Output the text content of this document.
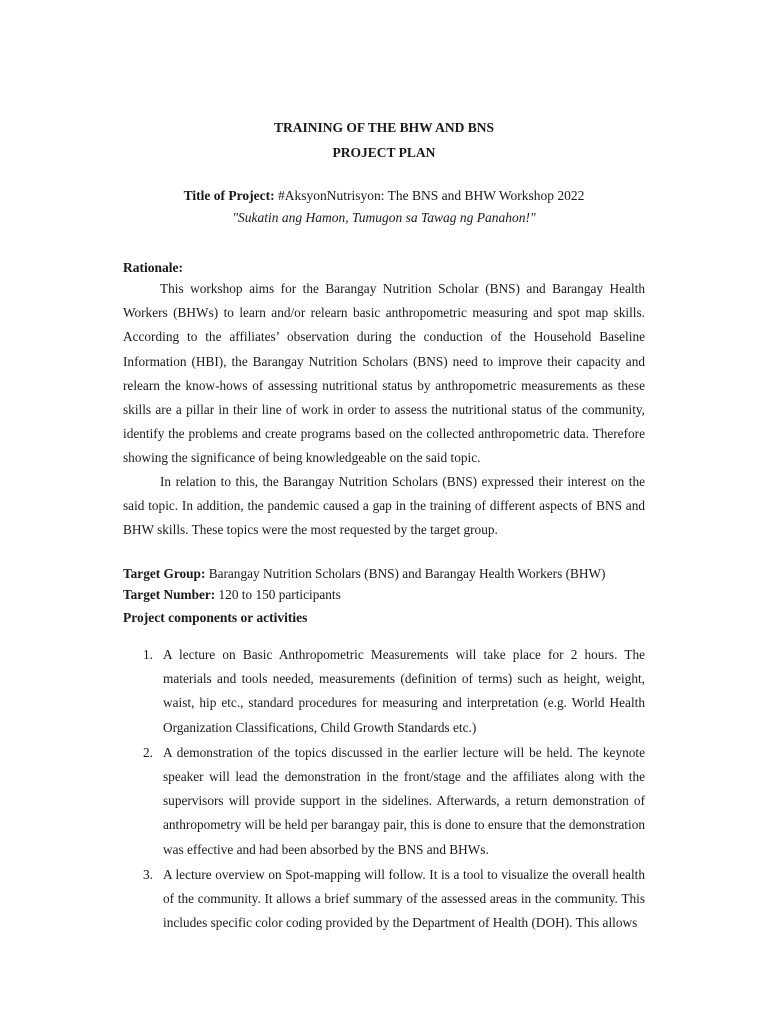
TRAINING OF THE BHW AND BNS
PROJECT PLAN
Title of Project: #AksyonNutrisyon: The BNS and BHW Workshop 2022
"Sukatin ang Hamon, Tumugon sa Tawag ng Panahon!"
Rationale:

This workshop aims for the Barangay Nutrition Scholar (BNS) and Barangay Health Workers (BHWs) to learn and/or relearn basic anthropometric measuring and spot map skills. According to the affiliates’ observation during the conduction of the Household Baseline Information (HBI), the Barangay Nutrition Scholars (BNS) need to improve their capacity and relearn the know-hows of assessing nutritional status by anthropometric measurements as these skills are a pillar in their line of work in order to assess the nutritional status of the community, identify the problems and create programs based on the collected anthropometric data. Therefore showing the significance of being knowledgeable on the said topic.

In relation to this, the Barangay Nutrition Scholars (BNS) expressed their interest on the said topic. In addition, the pandemic caused a gap in the training of different aspects of BNS and BHW skills. These topics were the most requested by the target group.

Target Group: Barangay Nutrition Scholars (BNS) and Barangay Health Workers (BHW)
Target Number: 120 to 150 participants
Project components or activities
1. A lecture on Basic Anthropometric Measurements will take place for 2 hours. The materials and tools needed, measurements (definition of terms) such as height, weight, waist, hip etc., standard procedures for measuring and interpretation (e.g. World Health Organization Classifications, Child Growth Standards etc.)
2. A demonstration of the topics discussed in the earlier lecture will be held. The keynote speaker will lead the demonstration in the front/stage and the affiliates along with the supervisors will provide support in the sidelines. Afterwards, a return demonstration of anthropometry will be held per barangay pair, this is done to ensure that the demonstration was effective and had been absorbed by the BNS and BHWs.
3. A lecture overview on Spot-mapping will follow. It is a tool to visualize the overall health of the community. It allows a brief summary of the assessed areas in the community. This includes specific color coding provided by the Department of Health (DOH). This allows
